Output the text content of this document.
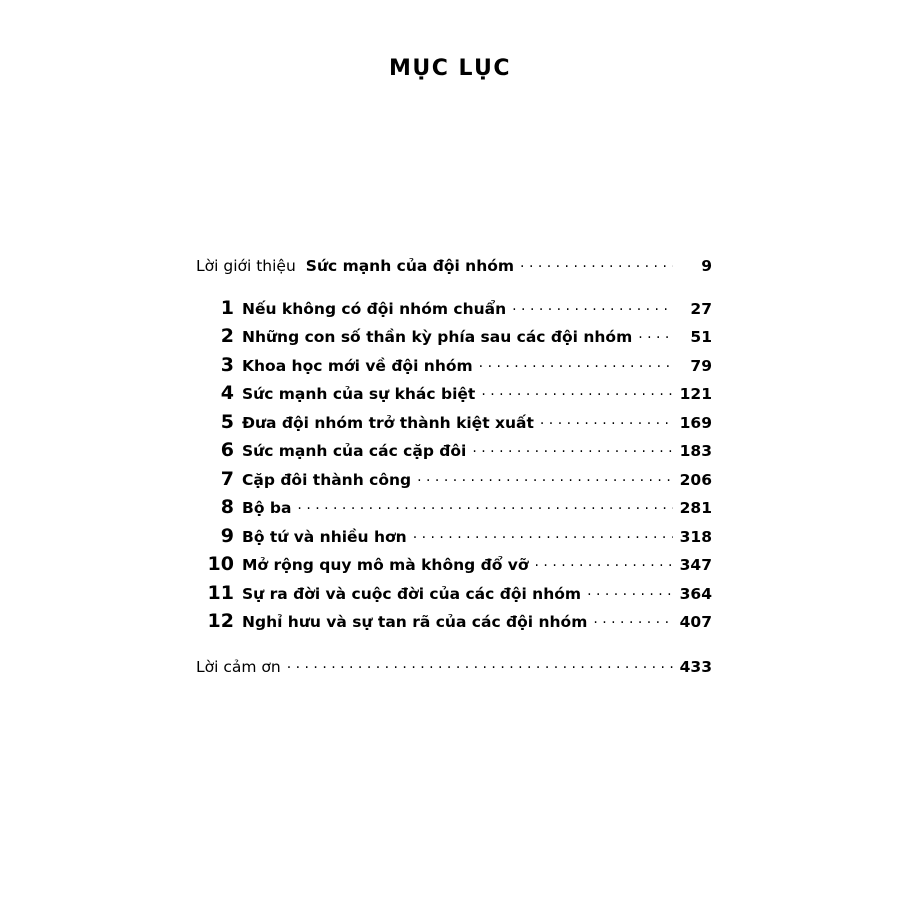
MỤC LỤC
Lời giới thiệu Sức mạnh của đội nhóm . . .	9
1 Nếu không có đội nhóm chuẩn . . .	27
2 Những con số thần kỳ phía sau các đội nhóm . . .	51
3 Khoa học mới về đội nhóm . . .	79
4 Sức mạnh của sự khác biệt . . .	121
5 Đưa đội nhóm trở thành kiệt xuất . . .	169
6 Sức mạnh của các cặp đôi . . .	183
7 Cặp đôi thành công . . .	206
8 Bộ ba . . .	281
9 Bộ tứ và nhiều hơn . . .	318
10 Mở rộng quy mô mà không đổ vỡ . . .	347
11 Sự ra đời và cuộc đời của các đội nhóm . . .	364
12 Nghỉ hưu và sự tan rã của các đội nhóm . . .	407
Lời cảm ơn . . .	433
